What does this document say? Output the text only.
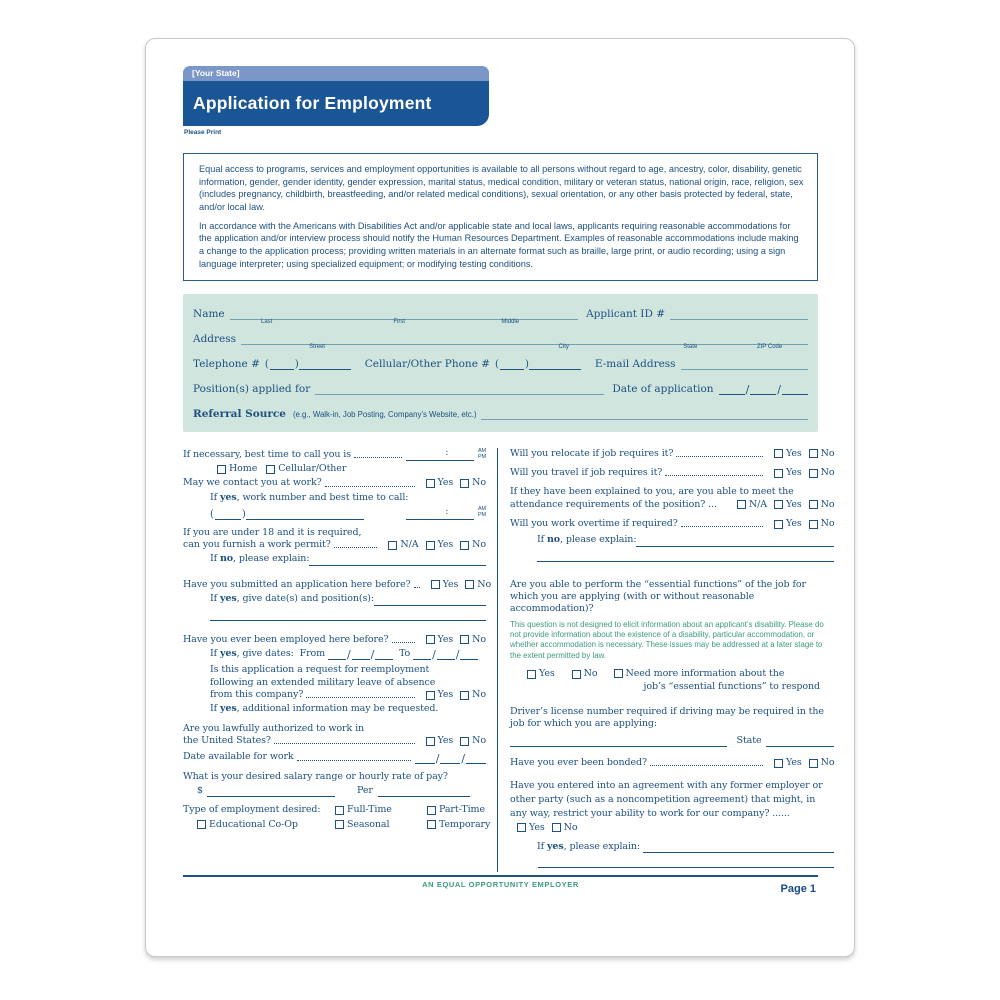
[Your State]
Application for Employment
Please Print

Equal access to programs, services and employment opportunities is available to all persons without regard to age, ancestry, color, disability, genetic information, gender, gender identity, gender expression, marital status, medical condition, military or veteran status, national origin, race, religion, sex (includes pregnancy, childbirth, breastfeeding, and/or related medical conditions), sexual orientation, or any other basis protected by federal, state, and/or local law.

In accordance with the Americans with Disabilities Act and/or applicable state and local laws, applicants requiring reasonable accommodations for the application and/or interview process should notify the Human Resources Department. Examples of reasonable accommodations include making a change to the application process; providing written materials in an alternate format such as braille, large print, or audio recording; using a sign language interpreter; using specialized equipment; or modifying testing conditions.

Name
Last	First	Middle
Applicant ID #
Address
Street	City	State	ZIP Code
Telephone # (	)	Cellular/Other Phone # (	)	E-mail Address
Position(s) applied for	Date of application	/	/
Referral Source (e.g., Walk-in, Job Posting, Company’s Website, etc.)
If necessary, best time to call you is	:	AM
PM
Home Cellular/Other
May we contact you at work?	Yes No
If yes, work number and best time to call:
(	)	:	AM
PM
If you are under 18 and it is required,
can you furnish a work permit?	N/A Yes No
If no, please explain:
Have you submitted an application here before?	Yes No
If yes, give date(s) and position(s):
Have you ever been employed here before?	Yes No
If yes, give dates: From / /	To / /
Is this application a request for reemployment
following an extended military leave of absence
from this company?	Yes No
If yes, additional information may be requested.
Are you lawfully authorized to work in
the United States?	Yes No
Date available for work	/ /
What is your desired salary range or hourly rate of pay?
$	Per
Type of employment desired:	Full-Time	Part-Time
Educational Co-Op	Seasonal	Temporary
Will you relocate if job requires it?	Yes No
Will you travel if job requires it?	Yes No
If they have been explained to you, are you able to meet the
attendance requirements of the position? ...	N/A Yes No
Will you work overtime if required?	Yes No
If no, please explain:
Are you able to perform the “essential functions” of the job for which you are applying (with or without reasonable accommodation)?
This question is not designed to elicit information about an applicant’s disability. Please do not provide information about the existence of a disability, particular accommodation, or whether accommodation is necessary. These issues may be addressed at a later stage to the extent permitted by law.
Yes	No	Need more information about the
job’s “essential functions” to respond
Driver’s license number required if driving may be required in the job for which you are applying:
State
Have you ever been bonded?	Yes No
Have you entered into an agreement with any former employer or other party (such as a noncompetition agreement) that might, in any way, restrict your ability to work for our company? ......
Yes No
If yes, please explain:
AN EQUAL OPPORTUNITY EMPLOYER	Page 1
